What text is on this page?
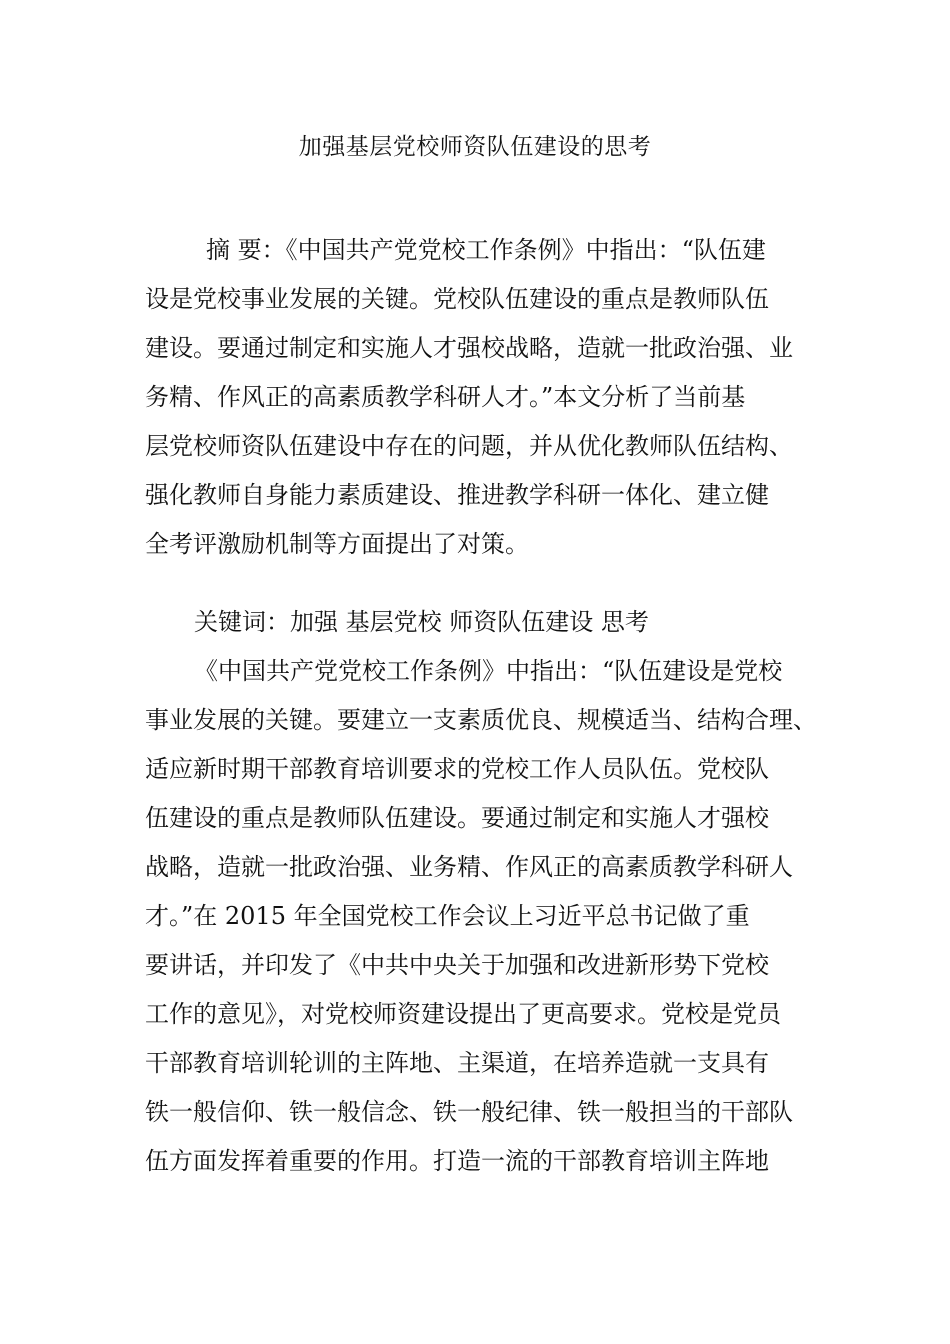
加强基层党校师资队伍建设的思考
摘 要：《中国共产党党校工作条例》中指出：“队伍建
设是党校事业发展的关键。党校队伍建设的重点是教师队伍
建设。要通过制定和实施人才强校战略，造就一批政治强、业
务精、作风正的高素质教学科研人才。”本文分析了当前基
层党校师资队伍建设中存在的问题，并从优化教师队伍结构、
强化教师自身能力素质建设、推进教学科研一体化、建立健
全考评激励机制等方面提出了对策。
关键词：加强 基层党校 师资队伍建设 思考
《中国共产党党校工作条例》中指出：“队伍建设是党校
事业发展的关键。要建立一支素质优良、规模适当、结构合理、
适应新时期干部教育培训要求的党校工作人员队伍。党校队
伍建设的重点是教师队伍建设。要通过制定和实施人才强校
战略，造就一批政治强、业务精、作风正的高素质教学科研人
才。”在 2015 年全国党校工作会议上习近平总书记做了重
要讲话，并印发了《中共中央关于加强和改进新形势下党校
工作的意见》，对党校师资建设提出了更高要求。党校是党员
干部教育培训轮训的主阵地、主渠道，在培养造就一支具有
铁一般信仰、铁一般信念、铁一般纪律、铁一般担当的干部队
伍方面发挥着重要的作用。打造一流的干部教育培训主阵地
